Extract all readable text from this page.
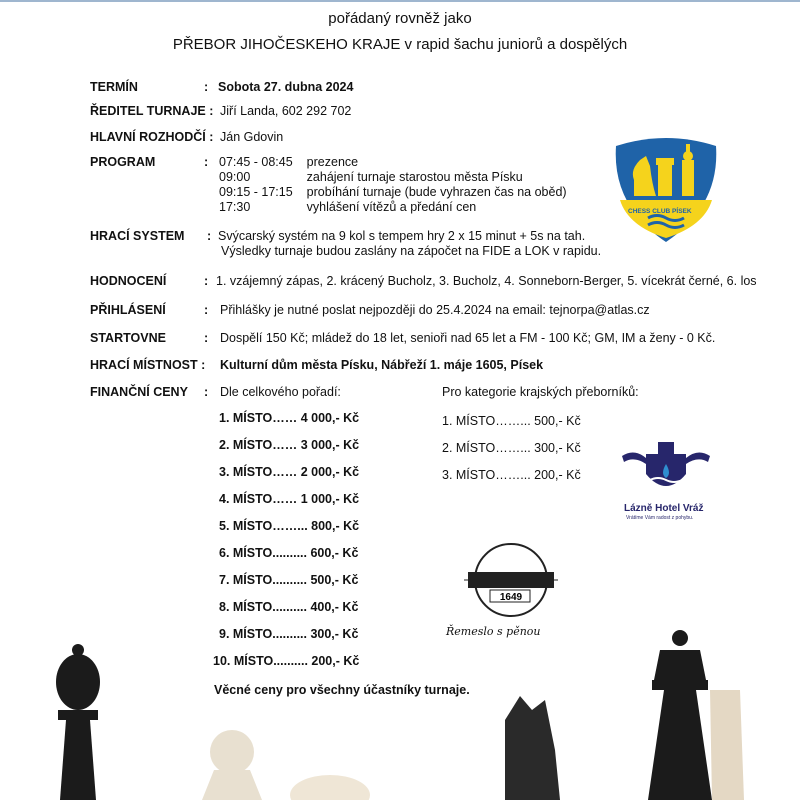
pořádaný rovněž jako
PŘEBOR JIHOČESKEHO KRAJE v rapid šachu juniorů a dospělých
TERMÍN	: Sobota 27. dubna 2024
ŘEDITEL TURNAJE : Jiří Landa, 602 292 702
HLAVNÍ ROZHODČÍ : Ján Gdovin
PROGRAM	: 07:45 - 08:45	prezence
09:00	zahájení turnaje starostou města Písku
09:15 - 17:15	probíhání turnaje (bude vyhrazen čas na oběd)
17:30	vyhlášení vítězů a předání cen
HRACÍ SYSTEM : Svýcarský systém na 9 kol s tempem hry 2 x 15 minut + 5s na tah.
Výsledky turnaje budou zaslány na zápočet na FIDE a LOK v rapidu.
HODNOCENÍ	: 1. vzájemný zápas, 2. krácený Bucholz, 3. Bucholz, 4. Sonneborn-Berger, 5. vícekrát černé, 6. los
PŘIHLÁSENÍ	: Přihlášky je nutné poslat nejpozději do 25.4.2024 na email: tejnorpa@atlas.cz
STARTOVNE	: Dospělí 150 Kč; mládež do 18 let, senioři nad 65 let a FM - 100 Kč; GM, IM a ženy - 0 Kč.
HRACÍ MÍSTNOST : Kulturní dům města Písku, Nábřeží 1. máje 1605, Písek
FINANČNÍ CENY : Dle celkového pořadí:
1. MÍSTO…… 4 000,- Kč
2. MÍSTO…… 3 000,- Kč
3. MÍSTO…… 2 000,- Kč
4. MÍSTO…… 1 000,- Kč
5. MÍSTO……... 800,- Kč
6. MÍSTO.......... 600,- Kč
7. MÍSTO.......... 500,- Kč
8. MÍSTO.......... 400,- Kč
9. MÍSTO.......... 300,- Kč
10. MÍSTO.......... 200,- Kč
Pro kategorie krajských přeborníků:
1. MÍSTO……... 500,- Kč
2. MÍSTO……... 300,- Kč
3. MÍSTO……... 200,- Kč
Věcné ceny pro všechny účastníky turnaje.
CHESS CLUB PÍSEK
Lázně Hotel Vráž
Vrátíme Vám radost z pohybu.
1649
Řemeslo s pěnou
